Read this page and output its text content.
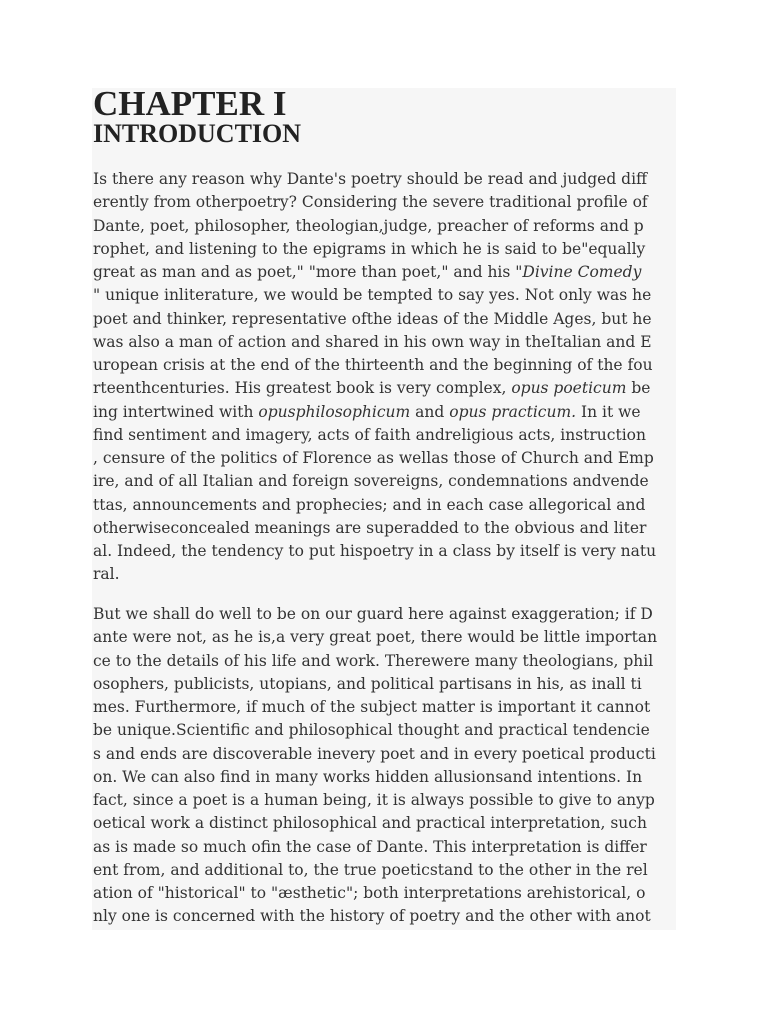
CHAPTER I
INTRODUCTION
Is there any reason why Dante's poetry should be read and judged diff
erently from otherpoetry? Considering the severe traditional profile of
Dante, poet, philosopher, theologian,judge, preacher of reforms and p
rophet, and listening to the epigrams in which he is said to be"equally
great as man and as poet," "more than poet," and his "Divine Comedy
" unique inliterature, we would be tempted to say yes. Not only was he
poet and thinker, representative ofthe ideas of the Middle Ages, but he
was also a man of action and shared in his own way in theItalian and E
uropean crisis at the end of the thirteenth and the beginning of the fou
rteenthcenturies. His greatest book is very complex, opus poeticum be
ing intertwined with opusphilosophicum and opus practicum. In it we
find sentiment and imagery, acts of faith andreligious acts, instruction
, censure of the politics of Florence as wellas those of Church and Emp
ire, and of all Italian and foreign sovereigns, condemnations andvende
ttas, announcements and prophecies; and in each case allegorical and
otherwiseconcealed meanings are superadded to the obvious and liter
al. Indeed, the tendency to put hispoetry in a class by itself is very natu
ral.
But we shall do well to be on our guard here against exaggeration; if D
ante were not, as he is,a very great poet, there would be little importan
ce to the details of his life and work. Therewere many theologians, phil
osophers, publicists, utopians, and political partisans in his, as inall ti
mes. Furthermore, if much of the subject matter is important it cannot
be unique.Scientific and philosophical thought and practical tendencie
s and ends are discoverable inevery poet and in every poetical producti
on. We can also find in many works hidden allusionsand intentions. In
fact, since a poet is a human being, it is always possible to give to anyp
oetical work a distinct philosophical and practical interpretation, such
as is made so much ofin the case of Dante. This interpretation is differ
ent from, and additional to, the true poeticstand to the other in the rel
ation of "historical" to "æsthetic"; both interpretations arehistorical, o
nly one is concerned with the history of poetry and the other with anot
